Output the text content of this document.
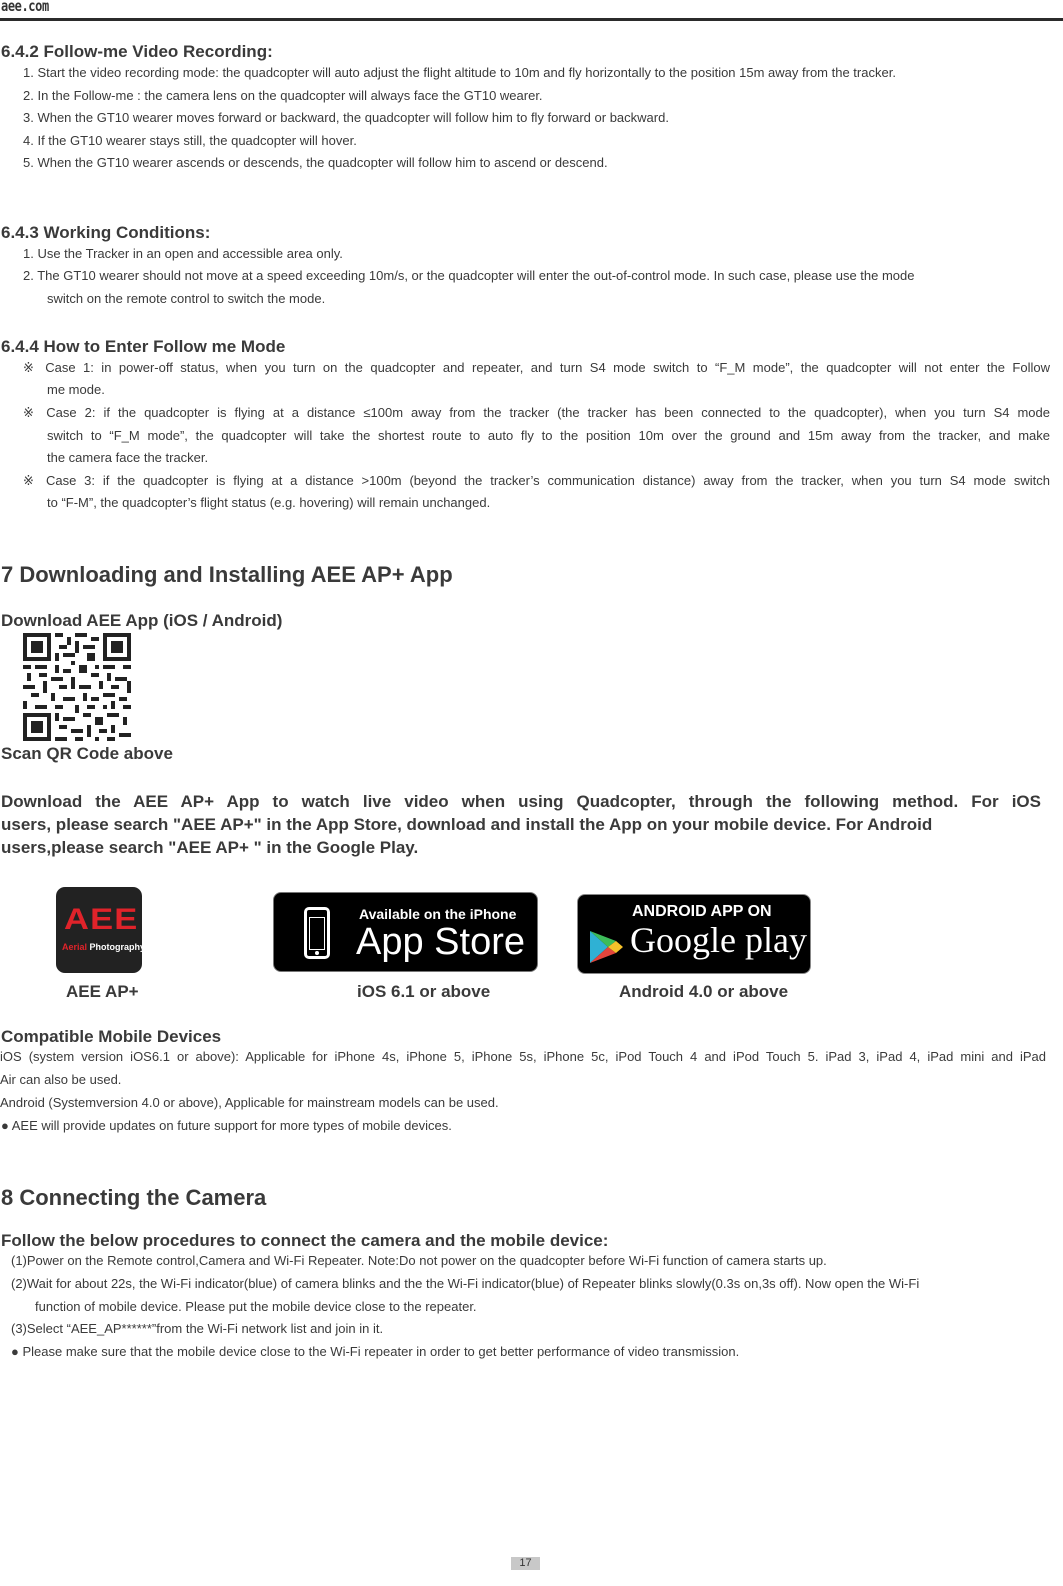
aee.com
6.4.2 Follow-me Video Recording:
1. Start the video recording mode: the quadcopter will auto adjust the flight altitude to 10m and fly horizontally to the position 15m away from the tracker.
2. In the Follow-me : the camera lens on the quadcopter will always face the GT10 wearer.
3. When the GT10 wearer moves forward or backward, the quadcopter will follow him to fly forward or backward.
4. If the GT10 wearer stays still, the quadcopter will hover.
5. When the GT10 wearer ascends or descends, the quadcopter will follow him to ascend or descend.
6.4.3 Working Conditions:
1. Use the Tracker in an open and accessible area only.
2. The GT10 wearer should not move at a speed exceeding 10m/s, or the quadcopter will enter the out-of-control mode. In such case, please use the mode
switch on the remote control to switch the mode.
6.4.4 How to Enter Follow me Mode
※ Case 1: in power-off status, when you turn on the quadcopter and repeater, and turn S4 mode switch to “F_M mode”, the quadcopter will not enter the Follow
me mode.
※ Case 2: if the quadcopter is flying at a distance ≤100m away from the tracker (the tracker has been connected to the quadcopter), when you turn S4 mode
switch to “F_M mode”, the quadcopter will take the shortest route to auto fly to the position 10m over the ground and 15m away from the tracker, and make
the camera face the tracker.
※ Case 3: if the quadcopter is flying at a distance >100m (beyond the tracker’s communication distance) away from the tracker, when you turn S4 mode switch
to “F-M”, the quadcopter’s flight status (e.g. hovering) will remain unchanged.
7 Downloading and Installing AEE AP+ App
Download AEE App (iOS / Android)
Scan QR Code above
Download the AEE AP+ App to watch live video when using Quadcopter, through the following method. For iOS
users, please search "AEE AP+" in the App Store, download and install the App on your mobile device. For Android
users,please search "AEE AP+ " in the Google Play.
AEE
Aerial Photography
Available on the iPhone
App Store
ANDROID APP ON
Google play
AEE AP+	iOS 6.1 or above	Android 4.0 or above
Compatible Mobile Devices
iOS (system version iOS6.1 or above): Applicable for iPhone 4s, iPhone 5, iPhone 5s, iPhone 5c, iPod Touch 4 and iPod Touch 5. iPad 3, iPad 4, iPad mini and iPad
Air can also be used.
Android (Systemversion 4.0 or above), Applicable for mainstream models can be used.
● AEE will provide updates on future support for more types of mobile devices.
8 Connecting the Camera
Follow the below procedures to connect the camera and the mobile device:
(1)Power on the Remote control,Camera and Wi-Fi Repeater. Note:Do not power on the quadcopter before Wi-Fi function of camera starts up.
(2)Wait for about 22s, the Wi-Fi indicator(blue) of camera blinks and the the Wi-Fi indicator(blue) of Repeater blinks slowly(0.3s on,3s off). Now open the Wi-Fi
function of mobile device. Please put the mobile device close to the repeater.
(3)Select “AEE_AP******”from the Wi-Fi network list and join in it.
● Please make sure that the mobile device close to the Wi-Fi repeater in order to get better performance of video transmission.
17
